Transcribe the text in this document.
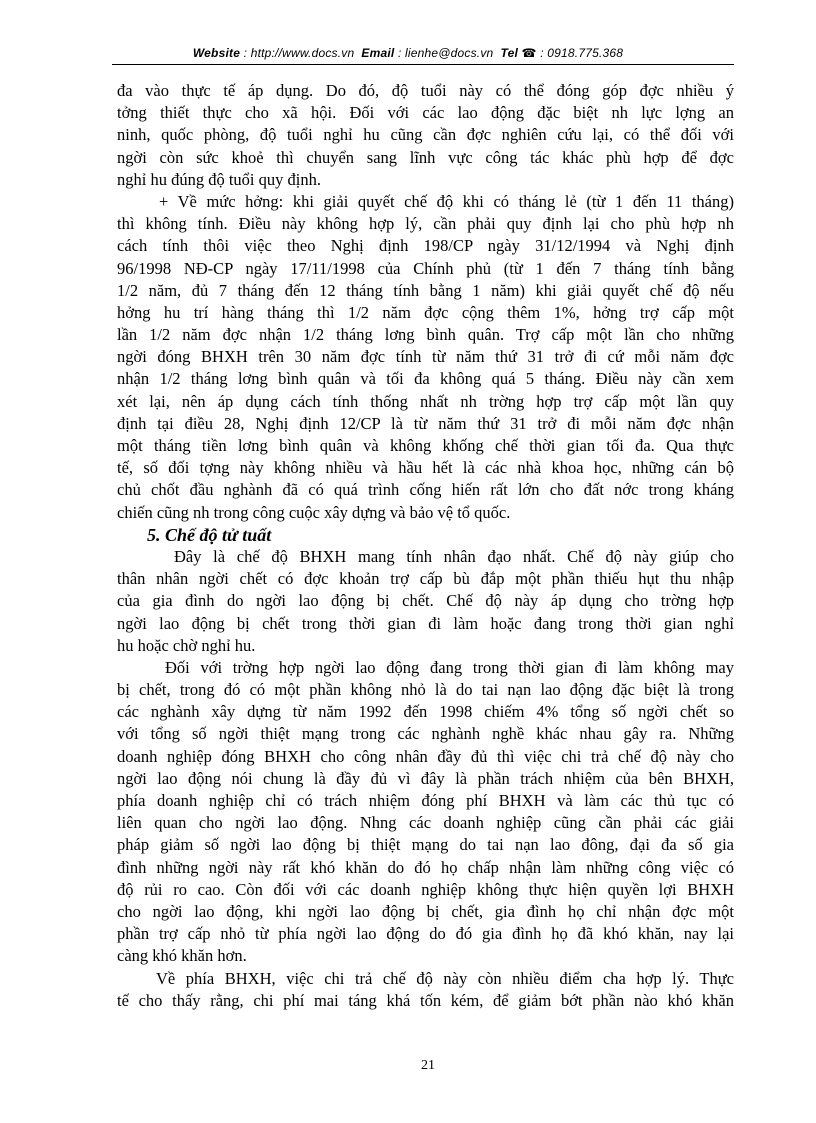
Website : http://www.docs.vn Email : lienhe@docs.vn Tel ☎ : 0918.775.368
đa vào thực tế áp dụng. Do đó, độ tuổi này có thể đóng góp đợc nhiều ý
tởng thiết thực cho xã hội. Đối với các lao động đặc biệt nh lực lợng an
ninh, quốc phòng, độ tuổi nghỉ hu cũng cần đợc nghiên cứu lại, có thể đối với
ngời còn sức khoẻ thì chuyển sang lĩnh vực công tác khác phù hợp để đợc
nghỉ hu đúng độ tuổi quy định.
+ Về mức hởng: khi giải quyết chế độ khi có tháng lẻ (từ 1 đến 11 tháng)
thì không tính. Điều này không hợp lý, cần phải quy định lại cho phù hợp nh
cách tính thôi việc theo Nghị định 198/CP ngày 31/12/1994 và Nghị định
96/1998 NĐ-CP ngày 17/11/1998 của Chính phủ (từ 1 đến 7 tháng tính bằng
1/2 năm, đủ 7 tháng đến 12 tháng tính bằng 1 năm) khi giải quyết chế độ nếu
hởng hu trí hàng tháng thì 1/2 năm đợc cộng thêm 1%, hởng trợ cấp một
lần 1/2 năm đợc nhận 1/2 tháng lơng bình quân. Trợ cấp một lần cho những
ngời đóng BHXH trên 30 năm đợc tính từ năm thứ 31 trở đi cứ mỗi năm đợc
nhận 1/2 tháng lơng bình quân và tối đa không quá 5 tháng. Điều này cần xem
xét lại, nên áp dụng cách tính thống nhất nh trờng hợp trợ cấp một lần quy
định tại điều 28, Nghị định 12/CP là từ năm thứ 31 trở đi mỗi năm đợc nhận
một tháng tiền lơng bình quân và không khống chế thời gian tối đa. Qua thực
tế, số đối tợng này không nhiều và hầu hết là các nhà khoa học, những cán bộ
chủ chốt đầu nghành đã có quá trình cống hiến rất lớn cho đất nớc trong kháng
chiến cũng nh trong công cuộc xây dựng và bảo vệ tổ quốc.
5. Chế độ tử tuất
Đây là chế độ BHXH mang tính nhân đạo nhất. Chế độ này giúp cho
thân nhân ngời chết có đợc khoản trợ cấp bù đắp một phần thiếu hụt thu nhập
của gia đình do ngời lao động bị chết. Chế độ này áp dụng cho trờng hợp
ngời lao động bị chết trong thời gian đi làm hoặc đang trong thời gian nghỉ
hu hoặc chờ nghỉ hu.
Đối với trờng hợp ngời lao động đang trong thời gian đi làm không may
bị chết, trong đó có một phần không nhỏ là do tai nạn lao động đặc biệt là trong
các nghành xây dựng từ năm 1992 đến 1998 chiếm 4% tổng số ngời chết so
với tổng số ngời thiệt mạng trong các nghành nghề khác nhau gây ra. Những
doanh nghiệp đóng BHXH cho công nhân đầy đủ thì việc chi trả chế độ này cho
ngời lao động nói chung là đầy đủ vì đây là phần trách nhiệm của bên BHXH,
phía doanh nghiệp chỉ có trách nhiệm đóng phí BHXH và làm các thủ tục có
liên quan cho ngời lao động. Nhng các doanh nghiệp cũng cần phải các giải
pháp giảm số ngời lao động bị thiệt mạng do tai nạn lao đông, đại đa số gia
đình những ngời này rất khó khăn do đó họ chấp nhận làm những công việc có
độ rủi ro cao. Còn đối với các doanh nghiệp không thực hiện quyền lợi BHXH
cho ngời lao động, khi ngời lao động bị chết, gia đình họ chỉ nhận đợc một
phần trợ cấp nhỏ từ phía ngời lao động do đó gia đình họ đã khó khăn, nay lại
càng khó khăn hơn.
Về phía BHXH, việc chi trả chế độ này còn nhiều điểm cha hợp lý. Thực
tế cho thấy rằng, chi phí mai táng khá tốn kém, để giảm bớt phần nào khó khăn
21
